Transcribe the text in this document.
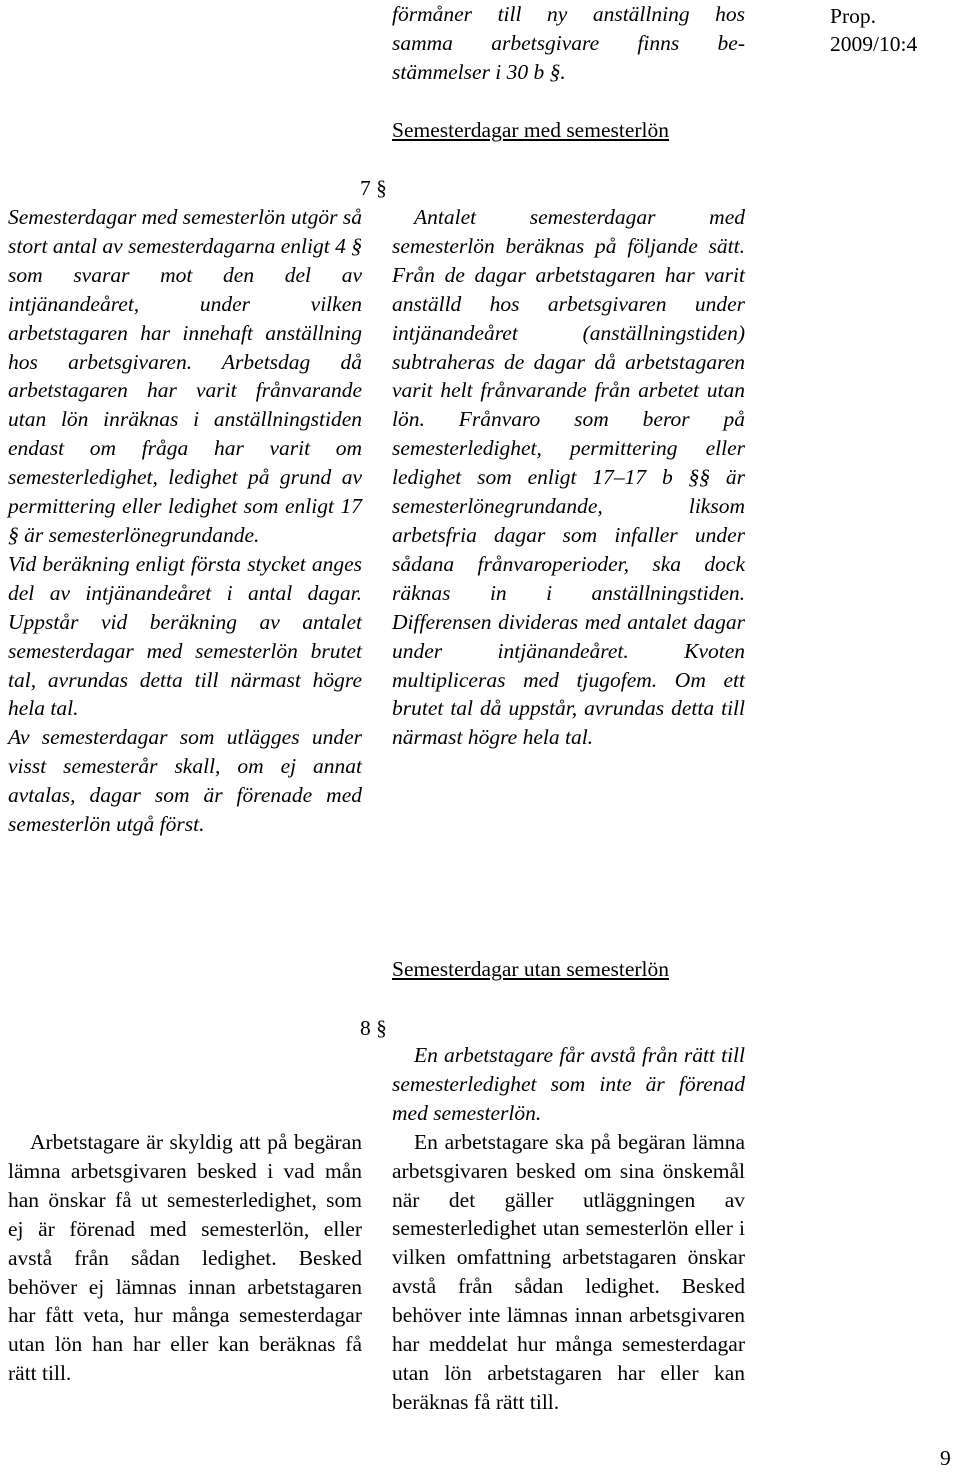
Prop. 2009/10:4
9
förmåner till ny anställning hos
samma arbetsgivare finns be-
stämmelser i 30 b §.
Semesterdagar med semesterlön
7 §

Semesterdagar med semesterlön utgör så stort antal av semesterdagarna enligt 4 § som svarar mot den del av intjänandeåret, under vilken arbetstagaren har innehaft anställning hos arbetsgivaren. Arbetsdag då arbetstagaren har varit frånvarande utan lön inräknas i anställningstiden endast om fråga har varit om semesterledighet, ledighet på grund av permittering eller ledighet som enligt 17 § är semesterlönegrundande.

Vid beräkning enligt första stycket anges del av intjänandeåret i antal dagar. Uppstår vid beräkning av antalet semesterdagar med semesterlön brutet tal, avrundas detta till närmast högre hela tal.

Av semesterdagar som utlägges under visst semesterår skall, om ej annat avtalas, dagar som är förenade med semesterlön utgå först.

Antalet semesterdagar med semesterlön beräknas på följande sätt. Från de dagar arbetstagaren har varit anställd hos arbetsgivaren under intjänandeåret (anställningstiden) subtraheras de dagar då arbetstagaren varit helt frånvarande från arbetet utan lön. Frånvaro som beror på semesterledighet, permittering eller ledighet som enligt 17–17 b §§ är semesterlönegrundande, liksom arbetsfria dagar som infaller under sådana frånvaroperioder, ska dock räknas in i anställningstiden. Differensen divideras med antalet dagar under intjänandeåret. Kvoten multipliceras med tjugofem. Om ett brutet tal då uppstår, avrundas detta till närmast högre hela tal.

Semesterdagar utan semesterlön
8 §

Arbetstagare är skyldig att på begäran lämna arbetsgivaren besked i vad mån han önskar få ut semesterledighet, som ej är förenad med semesterlön, eller avstå från sådan ledighet. Besked behöver ej lämnas innan arbetstagaren har fått veta, hur många semesterdagar utan lön han har eller kan beräknas få rätt till.

En arbetstagare får avstå från rätt till semesterledighet som inte är förenad med semesterlön.

En arbetstagare ska på begäran lämna arbetsgivaren besked om sina önskemål när det gäller utläggningen av semesterledighet utan semesterlön eller i vilken omfattning arbetstagaren önskar avstå från sådan ledighet. Besked behöver inte lämnas innan arbetsgivaren har meddelat hur många semesterdagar utan lön arbetstagaren har eller kan beräknas få rätt till.
